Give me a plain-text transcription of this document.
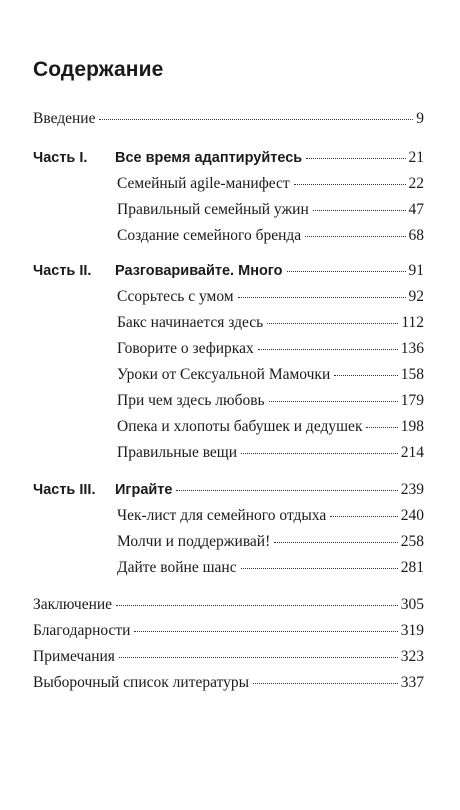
Содержание
Введение	9
Часть I. Все время адаптируйтесь	21
Семейный agile-манифест	22
Правильный семейный ужин	47
Создание семейного бренда	68
Часть II. Разговаривайте. Много	91
Ссорьтесь с умом	92
Бакс начинается здесь	112
Говорите о зефирках	136
Уроки от Сексуальной Мамочки	158
При чем здесь любовь	179
Опека и хлопоты бабушек и дедушек 198
Правильные вещи	214
Часть III. Играйте	239
Чек-лист для семейного отдыха	240
Молчи и поддерживай!	258
Дайте войне шанс	281
Заключение	305
Благодарности	319
Примечания	323
Выборочный список литературы	337
